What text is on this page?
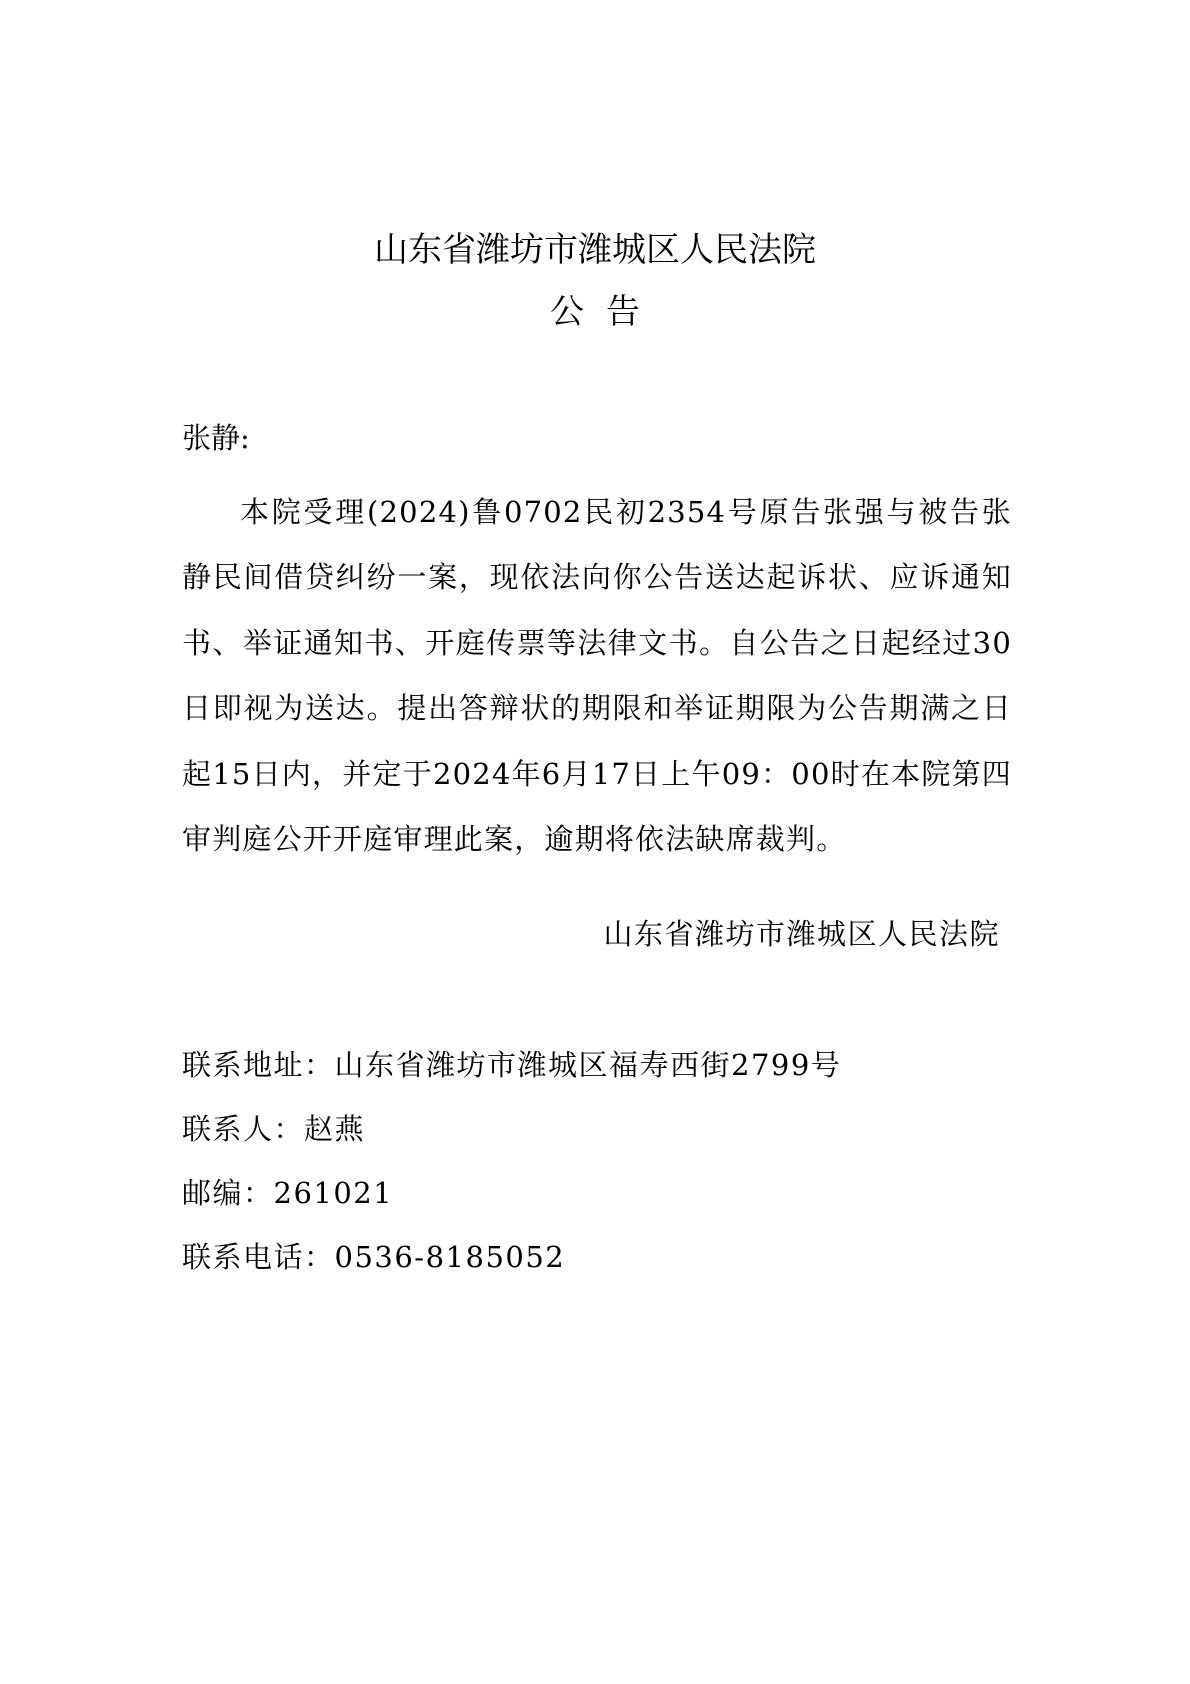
山东省潍坊市潍城区人民法院
公告
张静:

本院受理(2024)鲁0702民初2354号原告张强与被告张静民间借贷纠纷一案，现依法向你公告送达起诉状、应诉通知书、举证通知书、开庭传票等法律文书。自公告之日起经过30日即视为送达。提出答辩状的期限和举证期限为公告期满之日起15日内，并定于2024年6月17日上午09：00时在本院第四审判庭公开开庭审理此案，逾期将依法缺席裁判。

山东省潍坊市潍城区人民法院
联系地址：山东省潍坊市潍城区福寿西街2799号
联系人：赵燕
邮编：261021
联系电话：0536-8185052
